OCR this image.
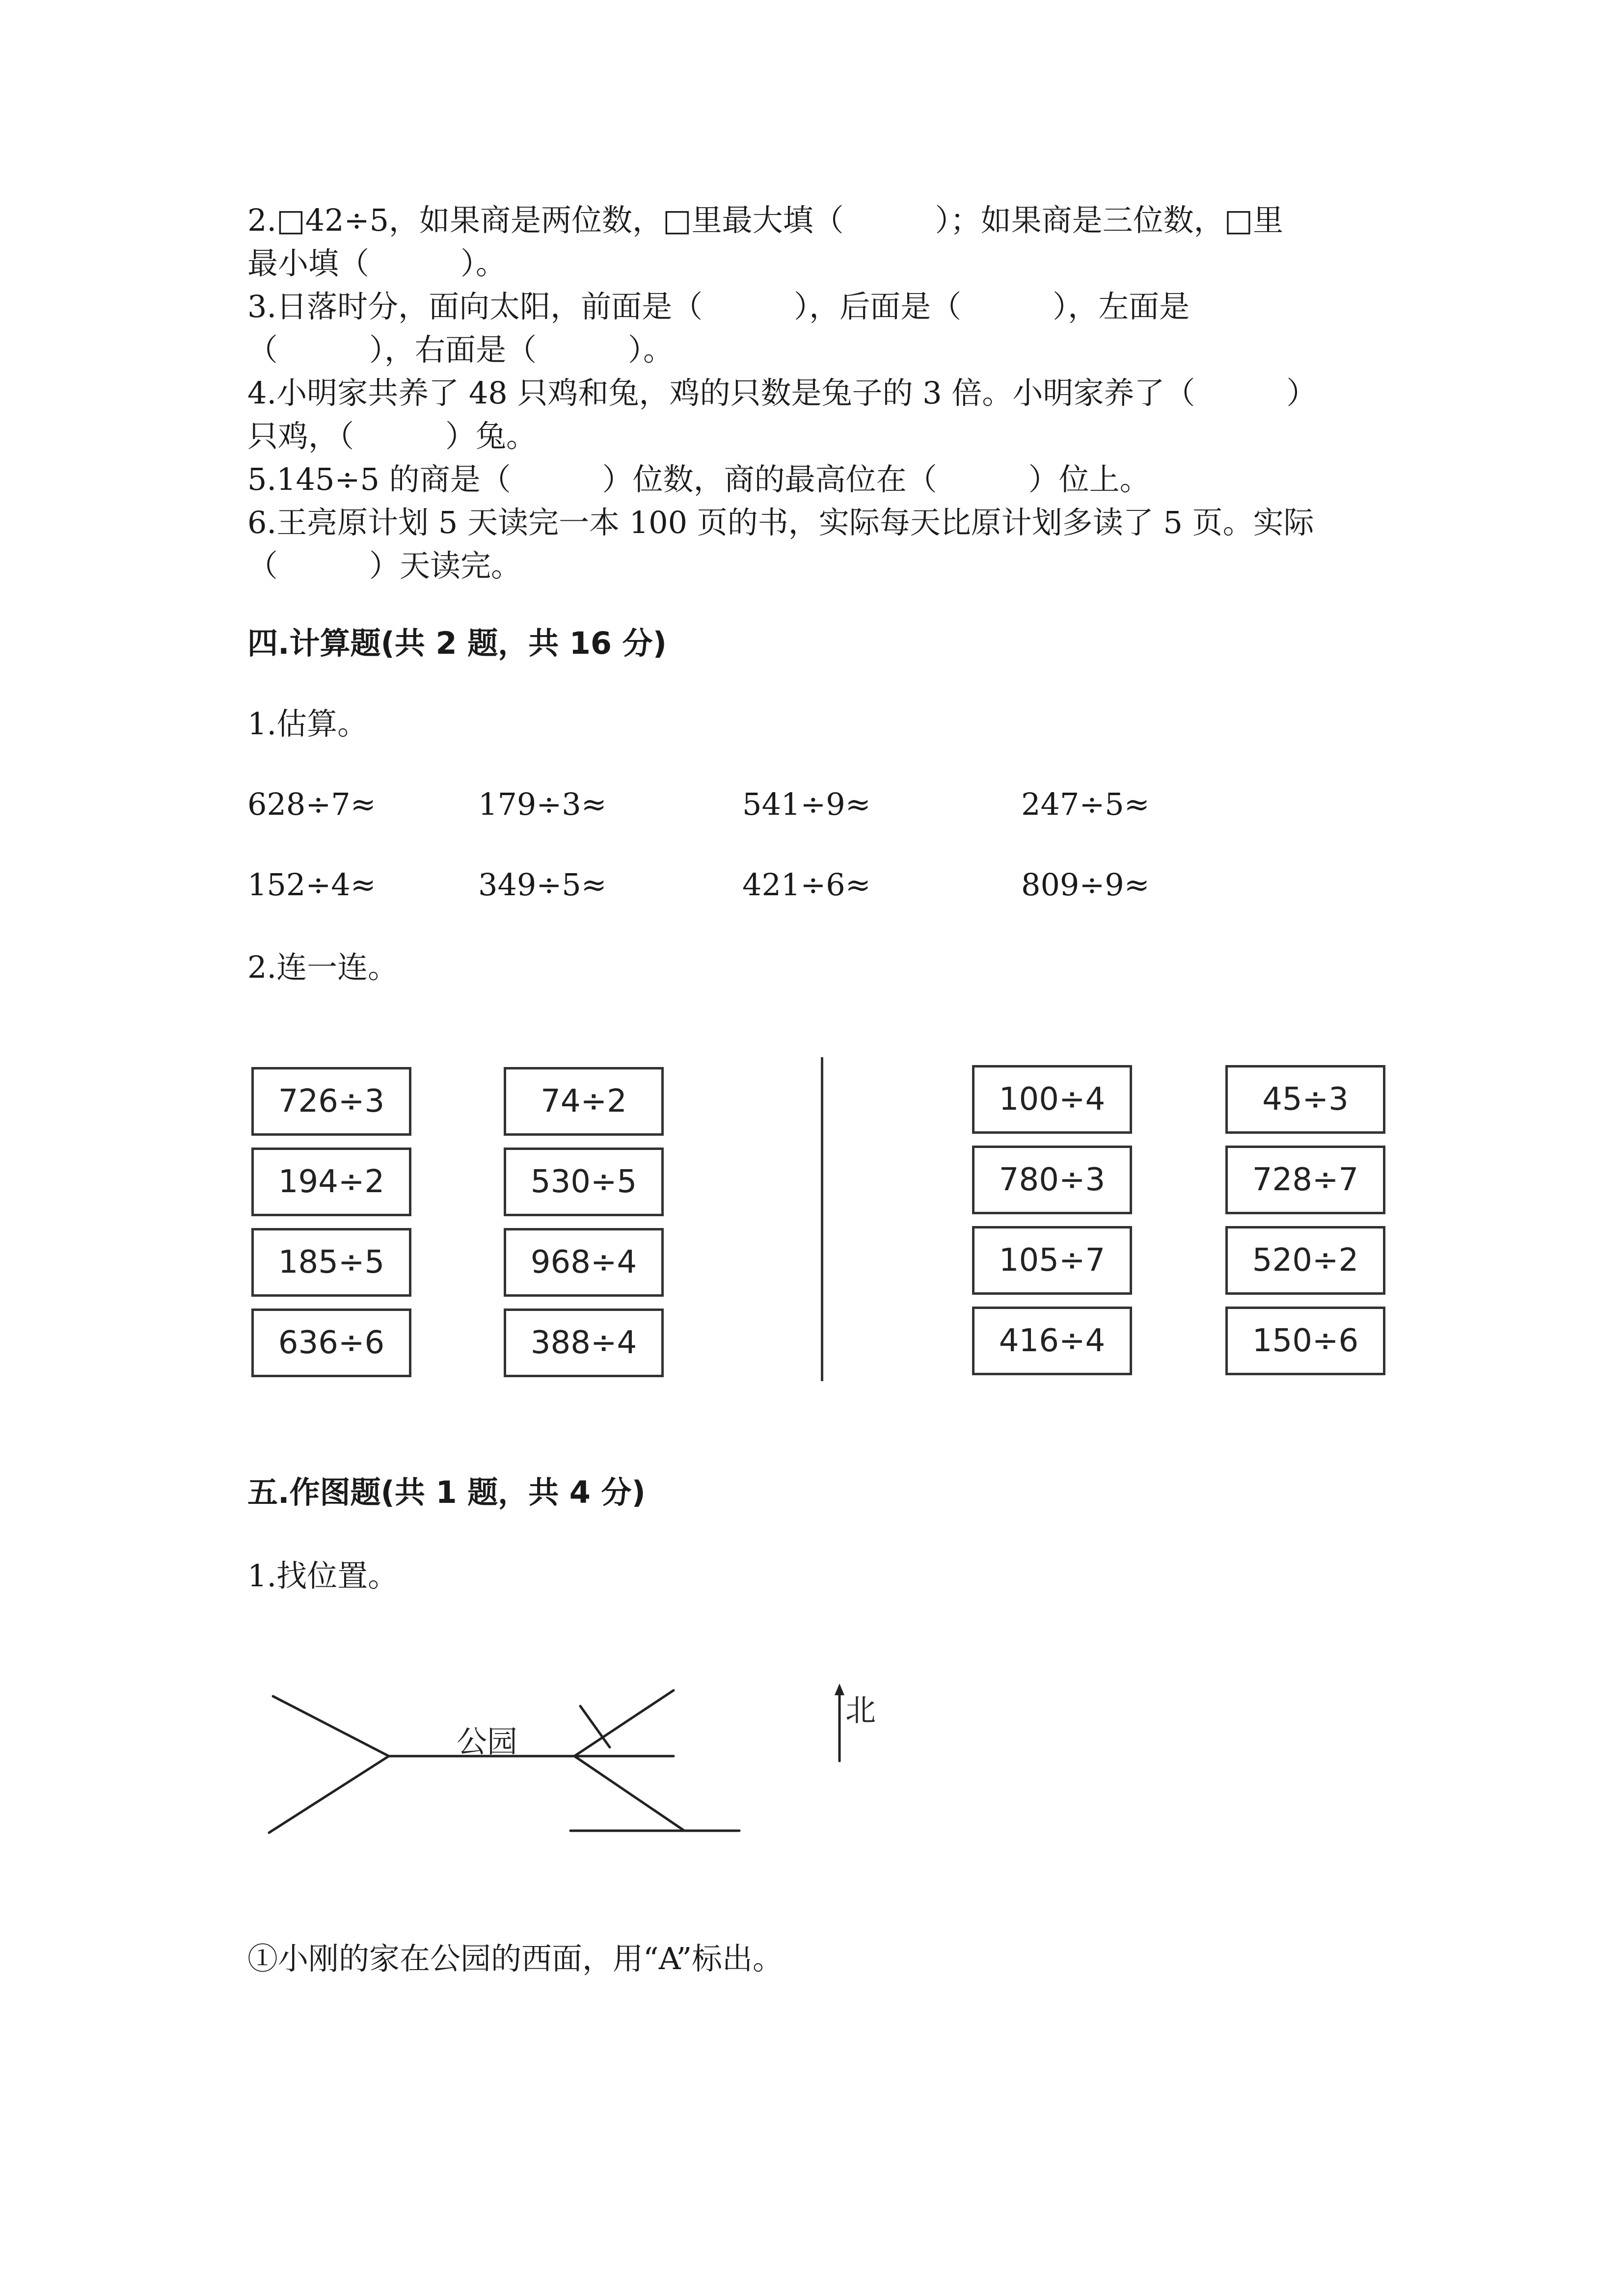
2.□42÷5，如果商是两位数，□里最大填（　　　）；如果商是三位数，□里
最小填（　　　）。
3.日落时分，面向太阳，前面是（　　　），后面是（　　　），左面是
（　　　），右面是（　　　）。
4.小明家共养了 48 只鸡和兔，鸡的只数是兔子的 3 倍。小明家养了（　　　）
只鸡，（　　　）兔。
5.145÷5 的商是（　　　）位数，商的最高位在（　　　）位上。
6.王亮原计划 5 天读完一本 100 页的书，实际每天比原计划多读了 5 页。实际
（　　　）天读完。
四.计算题(共 2 题，共 16 分)
1.估算。
628÷7≈	179÷3≈	541÷9≈	247÷5≈
152÷4≈	349÷5≈	421÷6≈	809÷9≈
2.连一连。
726÷3
194÷2
185÷5
636÷6
74÷2
530÷5
968÷4
388÷4
100÷4
780÷3
105÷7
416÷4
45÷3
728÷7
520÷2
150÷6
五.作图题(共 1 题，共 4 分)
1.找位置。
公园
北
①小刚的家在公园的西面，用“A”标出。
